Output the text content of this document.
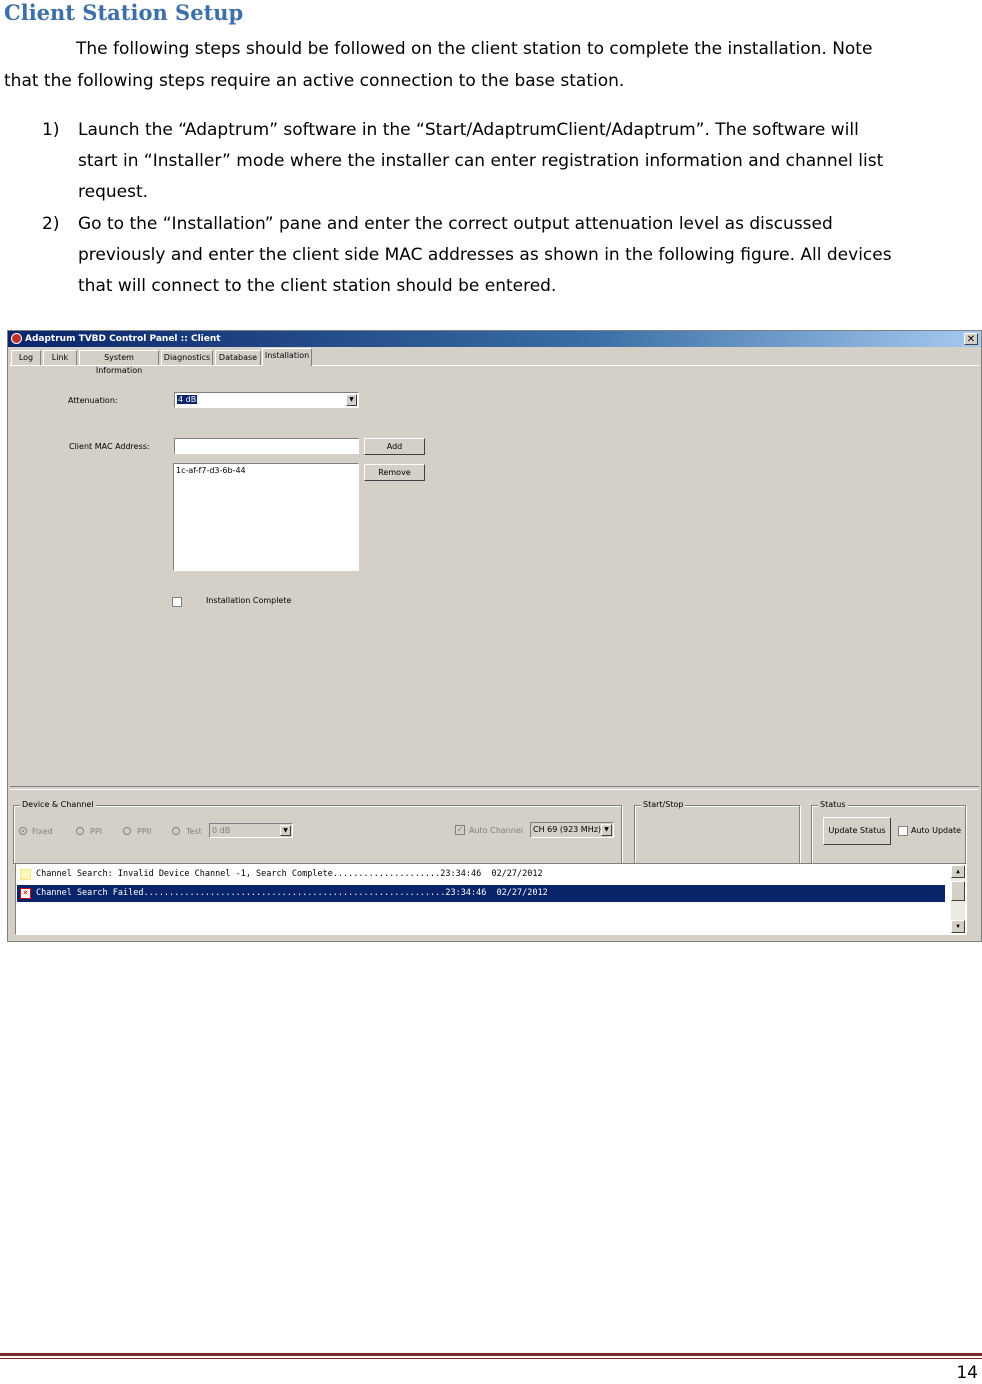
Client Station Setup
The following steps should be followed on the client station to complete the installation. Note
that the following steps require an active connection to the base station.
1) Launch the “Adaptrum” software in the “Start/AdaptrumClient/Adaptrum”. The software will
start in “Installer” mode where the installer can enter registration information and channel list
request.
2) Go to the “Installation” pane and enter the correct output attenuation level as discussed
previously and enter the client side MAC addresses as shown in the following figure. All devices
that will connect to the client station should be entered.
Adaptrum TVBD Control Panel :: Client	✕
Log	Link	System Information
Diagnostics	Database Installation
Attenuation:	4 dB	▼
Client MAC Address:	Add
1c-af-f7-d3-6b-44	Remove
Installation Complete
Device & Channel
Fixed	PPI	PPII	Test 0 dB	▼	✓ Auto Channel CH 69 (923 MHz) ▼
Start/Stop	Status
Update Status	Auto Update

Channel Search: Invalid Device Channel -1, Search Complete.....................23:34:46  02/27/2012

✕

Channel Search Failed...........................................................23:34:46  02/27/2012

▲
▼
14
